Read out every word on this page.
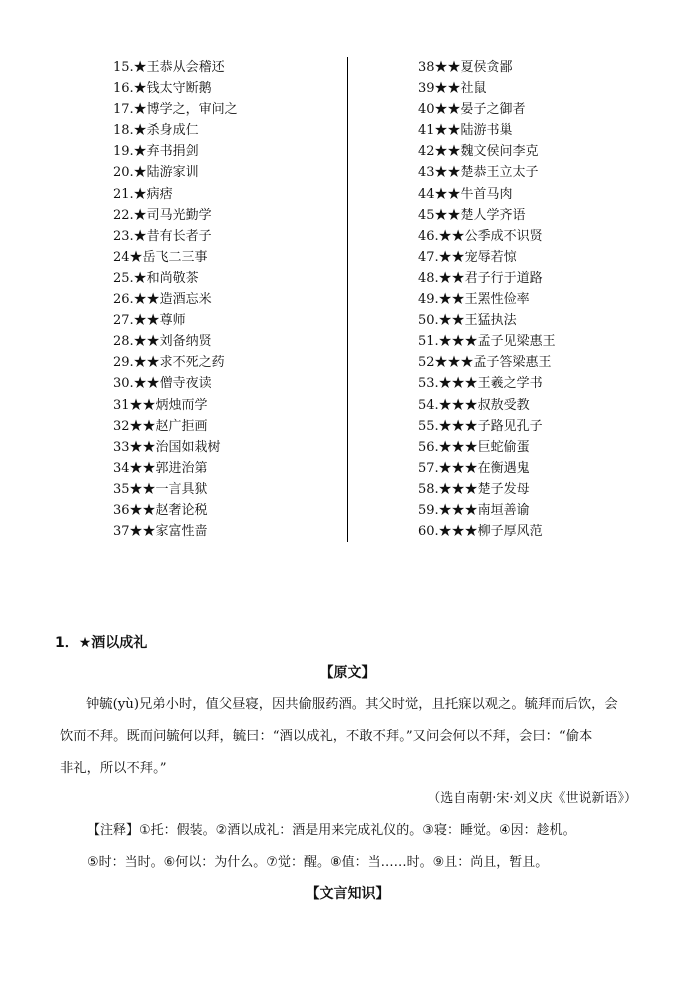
15.★王恭从会稽还
16.★钱太守断鹅
17.★博学之，审问之
18.★杀身成仁
19.★弃书捐剑
20.★陆游家训
21.★病痞
22.★司马光勤学
23.★昔有长者子
24★岳飞二三事
25.★和尚敬茶
26.★★造酒忘米
27.★★尊师
28.★★刘备纳贤
29.★★求不死之药
30.★★僧寺夜读
31★★炳烛而学
32★★赵广拒画
33★★治国如栽树
34★★郭进治第
35★★一言具狱
36★★赵奢论税
37★★家富性啬
38★★夏侯贪鄙
39★★社鼠
40★★晏子之御者
41★★陆游书巢
42★★魏文侯问李克
43★★楚恭王立太子
44★★牛首马肉
45★★楚人学齐语
46.★★公季成不识贤
47.★★宠辱若惊
48.★★君子行于道路
49.★★王罴性俭率
50.★★王猛执法
51.★★★孟子见梁惠王
52★★★孟子答梁惠王
53.★★★王羲之学书
54.★★★叔敖受教
55.★★★子路见孔子
56.★★★巨蛇偷蛋
57.★★★在衡遇鬼
58.★★★楚子发母
59.★★★南垣善谕
60.★★★柳子厚风范
1．★酒以成礼
【原文】
钟毓(yù)兄弟小时，值父昼寝，因共偷服药酒。其父时觉，且托寐以观之。毓拜而后饮，会
饮而不拜。既而问毓何以拜，毓曰：“酒以成礼，不敢不拜。”又问会何以不拜，会曰：“偷本
非礼，所以不拜。”
（选自南朝·宋·刘义庆《世说新语》）
【注释】①托：假装。②酒以成礼：酒是用来完成礼仪的。③寝：睡觉。④因：趁机。
⑤时：当时。⑥何以：为什么。⑦觉：醒。⑧值：当……时。⑨且：尚且，暂且。
【文言知识】
